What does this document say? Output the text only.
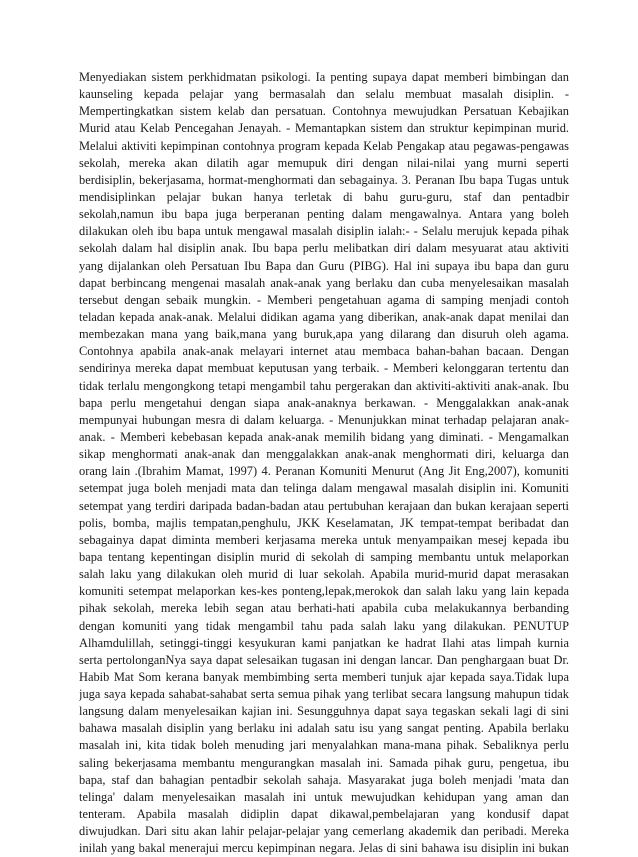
Menyediakan sistem perkhidmatan psikologi. Ia penting supaya dapat memberi bimbingan dan
kaunseling kepada pelajar yang bermasalah dan selalu membuat masalah disiplin. -
Mempertingkatkan sistem kelab dan persatuan. Contohnya mewujudkan Persatuan Kebajikan
Murid atau Kelab Pencegahan Jenayah. - Memantapkan sistem dan struktur kepimpinan murid.
Melalui aktiviti kepimpinan contohnya program kepada Kelab Pengakap atau pegawas-pengawas
sekolah, mereka akan dilatih agar memupuk diri dengan nilai-nilai yang murni seperti
berdisiplin, bekerjasama, hormat-menghormati dan sebagainya. 3. Peranan Ibu bapa Tugas untuk
mendisiplinkan pelajar bukan hanya terletak di bahu guru-guru, staf dan pentadbir
sekolah,namun ibu bapa juga berperanan penting dalam mengawalnya. Antara yang boleh
dilakukan oleh ibu bapa untuk mengawal masalah disiplin ialah:- - Selalu merujuk kepada pihak
sekolah dalam hal disiplin anak. Ibu bapa perlu melibatkan diri dalam mesyuarat atau aktiviti
yang dijalankan oleh Persatuan Ibu Bapa dan Guru (PIBG). Hal ini supaya ibu bapa dan guru
dapat berbincang mengenai masalah anak-anak yang berlaku dan cuba menyelesaikan masalah
tersebut dengan sebaik mungkin. - Memberi pengetahuan agama di samping menjadi contoh
teladan kepada anak-anak. Melalui didikan agama yang diberikan, anak-anak dapat menilai dan
membezakan mana yang baik,mana yang buruk,apa yang dilarang dan disuruh oleh agama.
Contohnya apabila anak-anak melayari internet atau membaca bahan-bahan bacaan. Dengan
sendirinya mereka dapat membuat keputusan yang terbaik. - Memberi kelonggaran tertentu dan
tidak terlalu mengongkong tetapi mengambil tahu pergerakan dan aktiviti-aktiviti anak-anak. Ibu
bapa perlu mengetahui dengan siapa anak-anaknya berkawan. - Menggalakkan anak-anak
mempunyai hubungan mesra di dalam keluarga. - Menunjukkan minat terhadap pelajaran anak-
anak. - Memberi kebebasan kepada anak-anak memilih bidang yang diminati. - Mengamalkan
sikap menghormati anak-anak dan menggalakkan anak-anak menghormati diri, keluarga dan
orang lain .(Ibrahim Mamat, 1997) 4. Peranan Komuniti Menurut (Ang Jit Eng,2007), komuniti
setempat juga boleh menjadi mata dan telinga dalam mengawal masalah disiplin ini. Komuniti
setempat yang terdiri daripada badan-badan atau pertubuhan kerajaan dan bukan kerajaan seperti
polis, bomba, majlis tempatan,penghulu, JKK Keselamatan, JK tempat-tempat beribadat dan
sebagainya dapat diminta memberi kerjasama mereka untuk menyampaikan mesej kepada ibu
bapa tentang kepentingan disiplin murid di sekolah di samping membantu untuk melaporkan
salah laku yang dilakukan oleh murid di luar sekolah. Apabila murid-murid dapat merasakan
komuniti setempat melaporkan kes-kes ponteng,lepak,merokok dan salah laku yang lain kepada
pihak sekolah, mereka lebih segan atau berhati-hati apabila cuba melakukannya berbanding
dengan komuniti yang tidak mengambil tahu pada salah laku yang dilakukan. PENUTUP
Alhamdulillah, setinggi-tinggi kesyukuran kami panjatkan ke hadrat Ilahi atas limpah kurnia
serta pertolonganNya saya dapat selesaikan tugasan ini dengan lancar. Dan penghargaan buat Dr.
Habib Mat Som kerana banyak membimbing serta memberi tunjuk ajar kepada saya.Tidak lupa
juga saya kepada sahabat-sahabat serta semua pihak yang terlibat secara langsung mahupun tidak
langsung dalam menyelesaikan kajian ini. Sesungguhnya dapat saya tegaskan sekali lagi di sini
bahawa masalah disiplin yang berlaku ini adalah satu isu yang sangat penting. Apabila berlaku
masalah ini, kita tidak boleh menuding jari menyalahkan mana-mana pihak. Sebaliknya perlu
saling bekerjasama membantu mengurangkan masalah ini. Samada pihak guru, pengetua, ibu
bapa, staf dan bahagian pentadbir sekolah sahaja. Masyarakat juga boleh menjadi 'mata dan
telinga' dalam menyelesaikan masalah ini untuk mewujudkan kehidupan yang aman dan
tenteram. Apabila masalah didiplin dapat dikawal,pembelajaran yang kondusif dapat
diwujudkan. Dari situ akan lahir pelajar-pelajar yang cemerlang akademik dan peribadi. Mereka
inilah yang bakal menerajui mercu kepimpinan negara. Jelas di sini bahawa isu disiplin ini bukan
